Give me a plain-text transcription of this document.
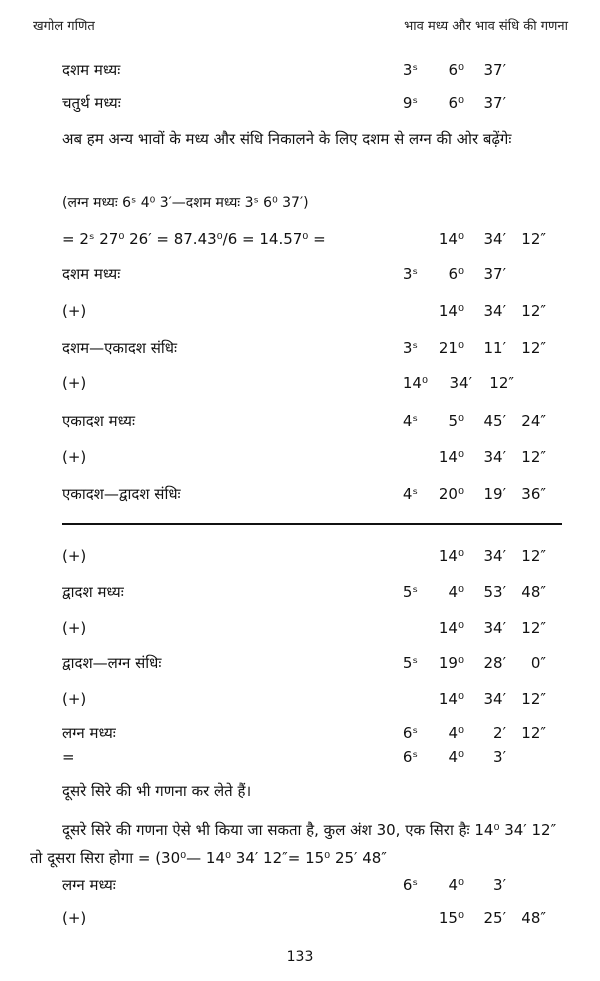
खगोल गणित	भाव मध्य और भाव संधि की गणना
दशम मध्यः	3ˢ	6⁰	37′
चतुर्थ मध्यः	9ˢ	6⁰	37′
अब हम अन्य भावों के मध्य और संधि निकालने के लिए दशम से लग्न की ओर बढ़ेंगेः
(लग्न मध्यः 6ˢ 4⁰ 3′—दशम मध्यः 3ˢ 6⁰ 37′)
= 2ˢ 27⁰ 26′ = 87.43⁰/6 = 14.57⁰ =	14⁰	34′	12″
दशम मध्यः	3ˢ	6⁰	37′
(+)	14⁰	34′	12″
दशम—एकादश संधिः	3ˢ	21⁰	11′	12″
(+)	14⁰	34′	12″
एकादश मध्यः	4ˢ	5⁰	45′	24″
(+)	14⁰	34′	12″
एकादश—द्वादश संधिः	4ˢ	20⁰	19′	36″
(+)	14⁰	34′	12″
द्वादश मध्यः	5ˢ	4⁰	53′	48″
(+)	14⁰	34′	12″
द्वादश—लग्न संधिः	5ˢ	19⁰	28′	0″
(+)	14⁰	34′	12″
लग्न मध्यः	6ˢ	4⁰	2′	12″
=	6ˢ	4⁰	3′
दूसरे सिरे की भी गणना कर लेते हैं।
दूसरे सिरे की गणना ऐसे भी किया जा सकता है, कुल अंश 30, एक सिरा हैः 14⁰ 34′ 12″ तो दूसरा सिरा होगा = (30⁰— 14⁰ 34′ 12″= 15⁰ 25′ 48″
लग्न मध्यः	6ˢ	4⁰	3′
(+)	15⁰	25′	48″
133
